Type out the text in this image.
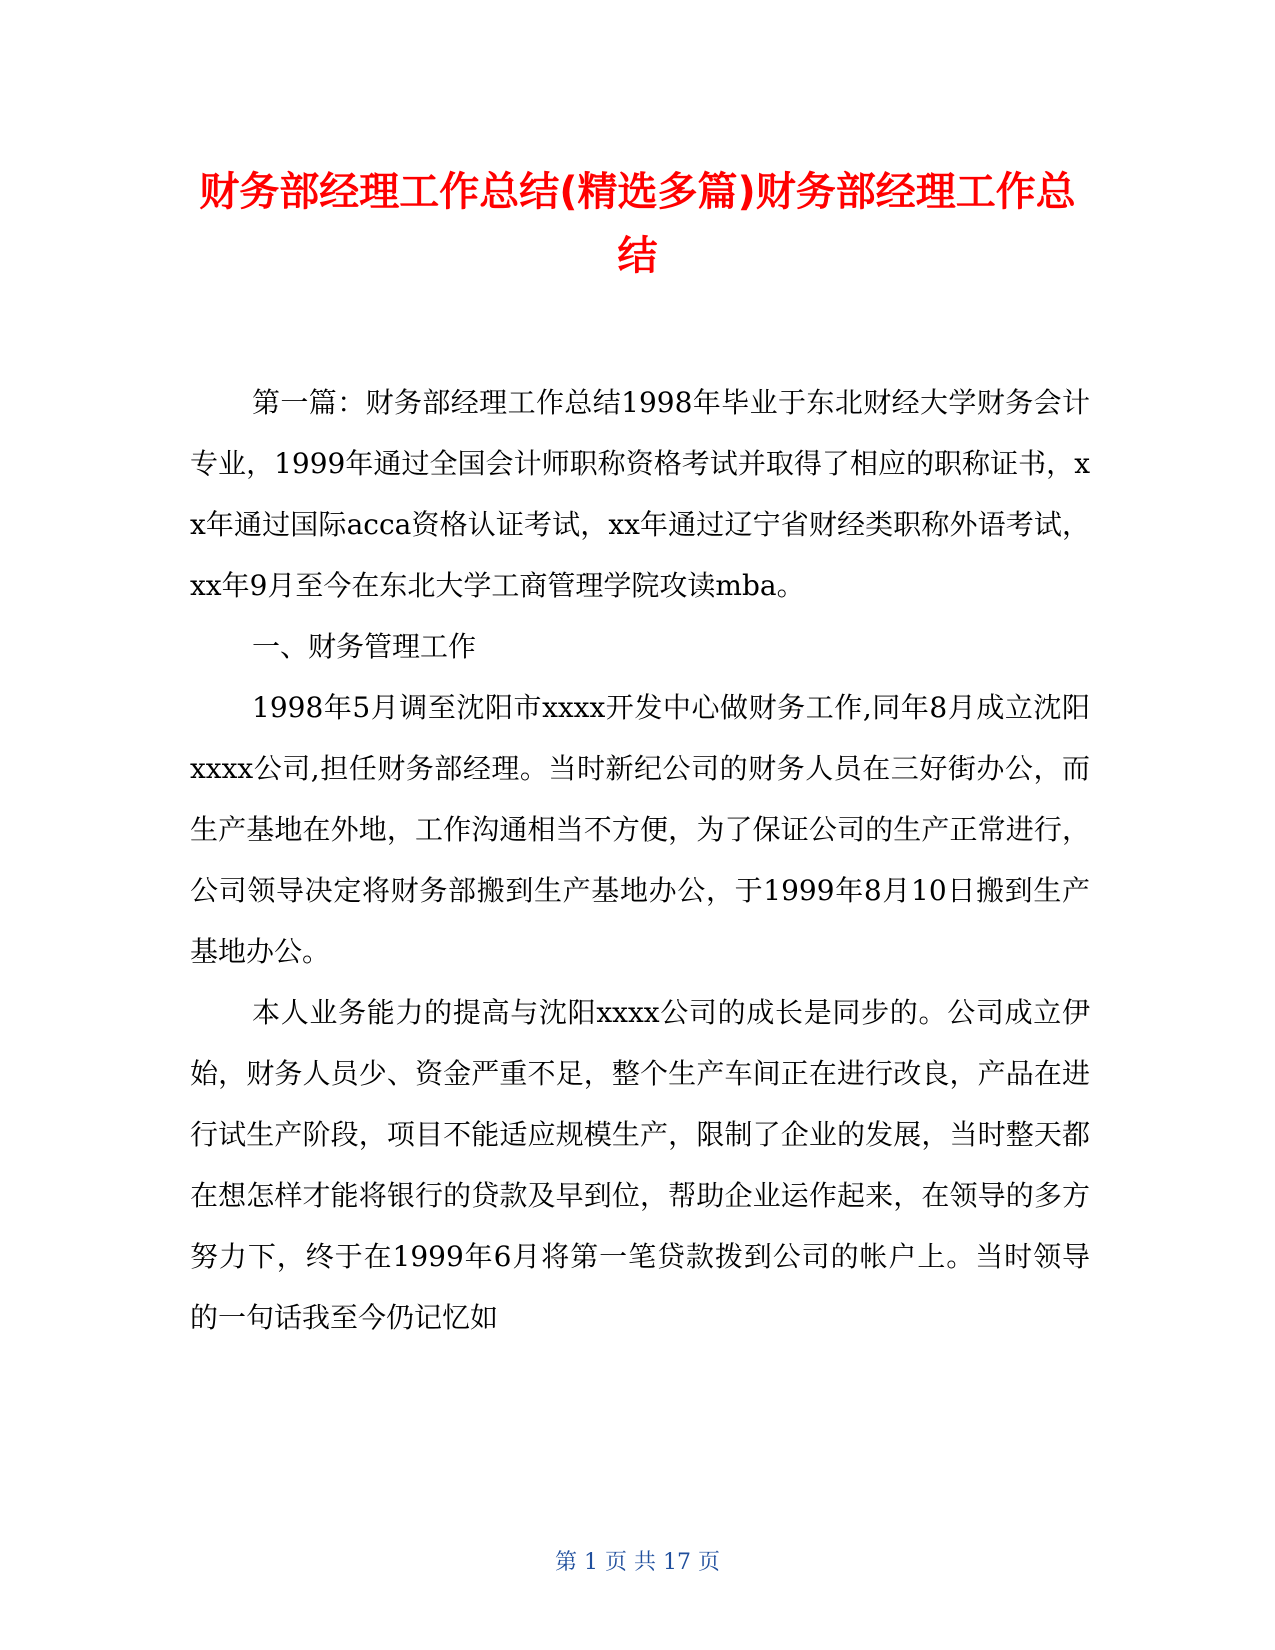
财务部经理工作总结(精选多篇)财务部经理工作总结

第一篇：财务部经理工作总结1998年毕业于东北财经大学财务会计专业，1999年通过全国会计师职称资格考试并取得了相应的职称证书，xx年通过国际acca资格认证考试，xx年通过辽宁省财经类职称外语考试，xx年9月至今在东北大学工商管理学院攻读mba。

一、财务管理工作

1998年5月调至沈阳市xxxx开发中心做财务工作,同年8月成立沈阳xxxx公司,担任财务部经理。当时新纪公司的财务人员在三好街办公，而生产基地在外地，工作沟通相当不方便，为了保证公司的生产正常进行，公司领导决定将财务部搬到生产基地办公，于1999年8月10日搬到生产基地办公。

本人业务能力的提高与沈阳xxxx公司的成长是同步的。公司成立伊始，财务人员少、资金严重不足，整个生产车间正在进行改良，产品在进行试生产阶段，项目不能适应规模生产，限制了企业的发展，当时整天都在想怎样才能将银行的贷款及早到位，帮助企业运作起来，在领导的多方努力下，终于在1999年6月将第一笔贷款拨到公司的帐户上。当时领导的一句话我至今仍记忆如

第 1 页 共 17 页
